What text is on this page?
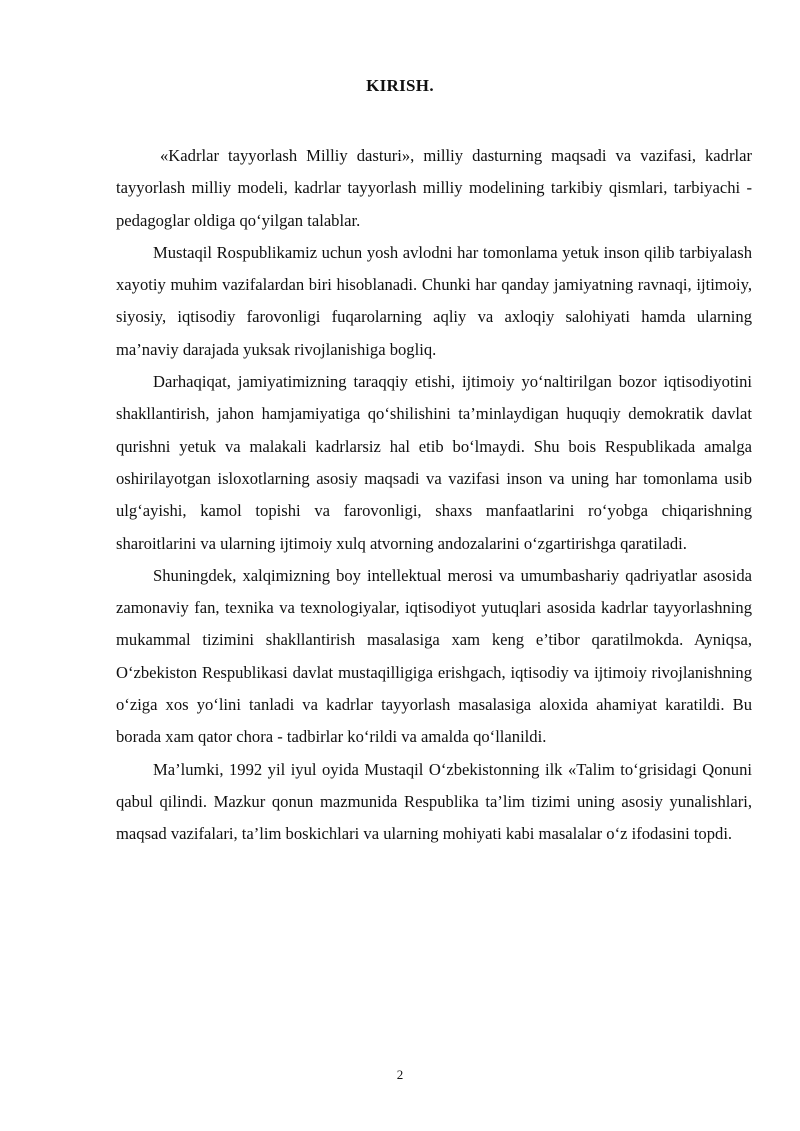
KIRISH.

«Kadrlar tayyorlash Milliy dasturi», milliy dasturning maqsadi va vazifasi, kadrlar tayyorlash milliy modeli, kadrlar tayyorlash milliy modelining tarkibiy qismlari, tarbiyachi - pedagoglar oldiga qo‘yilgan talablar.

Mustaqil Rospublikamiz uchun yosh avlodni har tomonlama yetuk inson qilib tarbiyalash xayotiy muhim vazifalardan biri hisoblanadi. Chunki har qanday jamiyatning ravnaqi, ijtimoiy, siyosiy, iqtisodiy farovonligi fuqarolarning aqliy va axloqiy salohiyati hamda ularning ma’naviy darajada yuksak rivojlanishiga bogliq.

Darhaqiqat, jamiyatimizning taraqqiy etishi, ijtimoiy yo‘naltirilgan bozor iqtisodiyotini shakllantirish, jahon hamjamiyatiga qo‘shilishini ta’minlaydigan huquqiy demokratik davlat qurishni yetuk va malakali kadrlarsiz hal etib bo‘lmaydi. Shu bois Respublikada amalga oshirilayotgan isloxotlarning asosiy maqsadi va vazifasi inson va uning har tomonlama usib ulg‘ayishi, kamol topishi va farovonligi, shaxs manfaatlarini ro‘yobga chiqarishning sharoitlarini va ularning ijtimoiy xulq atvorning andozalarini o‘zgartirishga qaratiladi.

Shuningdek, xalqimizning boy intellektual merosi va umumbashariy qadriyatlar asosida zamonaviy fan, texnika va texnologiyalar, iqtisodiyot yutuqlari asosida kadrlar tayyorlashning mukammal tizimini shakllantirish masalasiga xam keng e’tibor qaratilmokda. Ayniqsa, O‘zbekiston Respublikasi davlat mustaqilligiga erishgach, iqtisodiy va ijtimoiy rivojlanishning o‘ziga xos yo‘lini tanladi va kadrlar tayyorlash masalasiga aloxida ahamiyat karatildi. Bu borada xam qator chora - tadbirlar ko‘rildi va amalda qo‘llanildi.

Ma’lumki, 1992 yil iyul oyida Mustaqil O‘zbekistonning ilk «Talim to‘grisidagi Qonuni qabul qilindi. Mazkur qonun mazmunida Respublika ta’lim tizimi uning asosiy yunalishlari, maqsad vazifalari, ta’lim boskichlari va ularning mohiyati kabi masalalar o‘z ifodasini topdi.

2
